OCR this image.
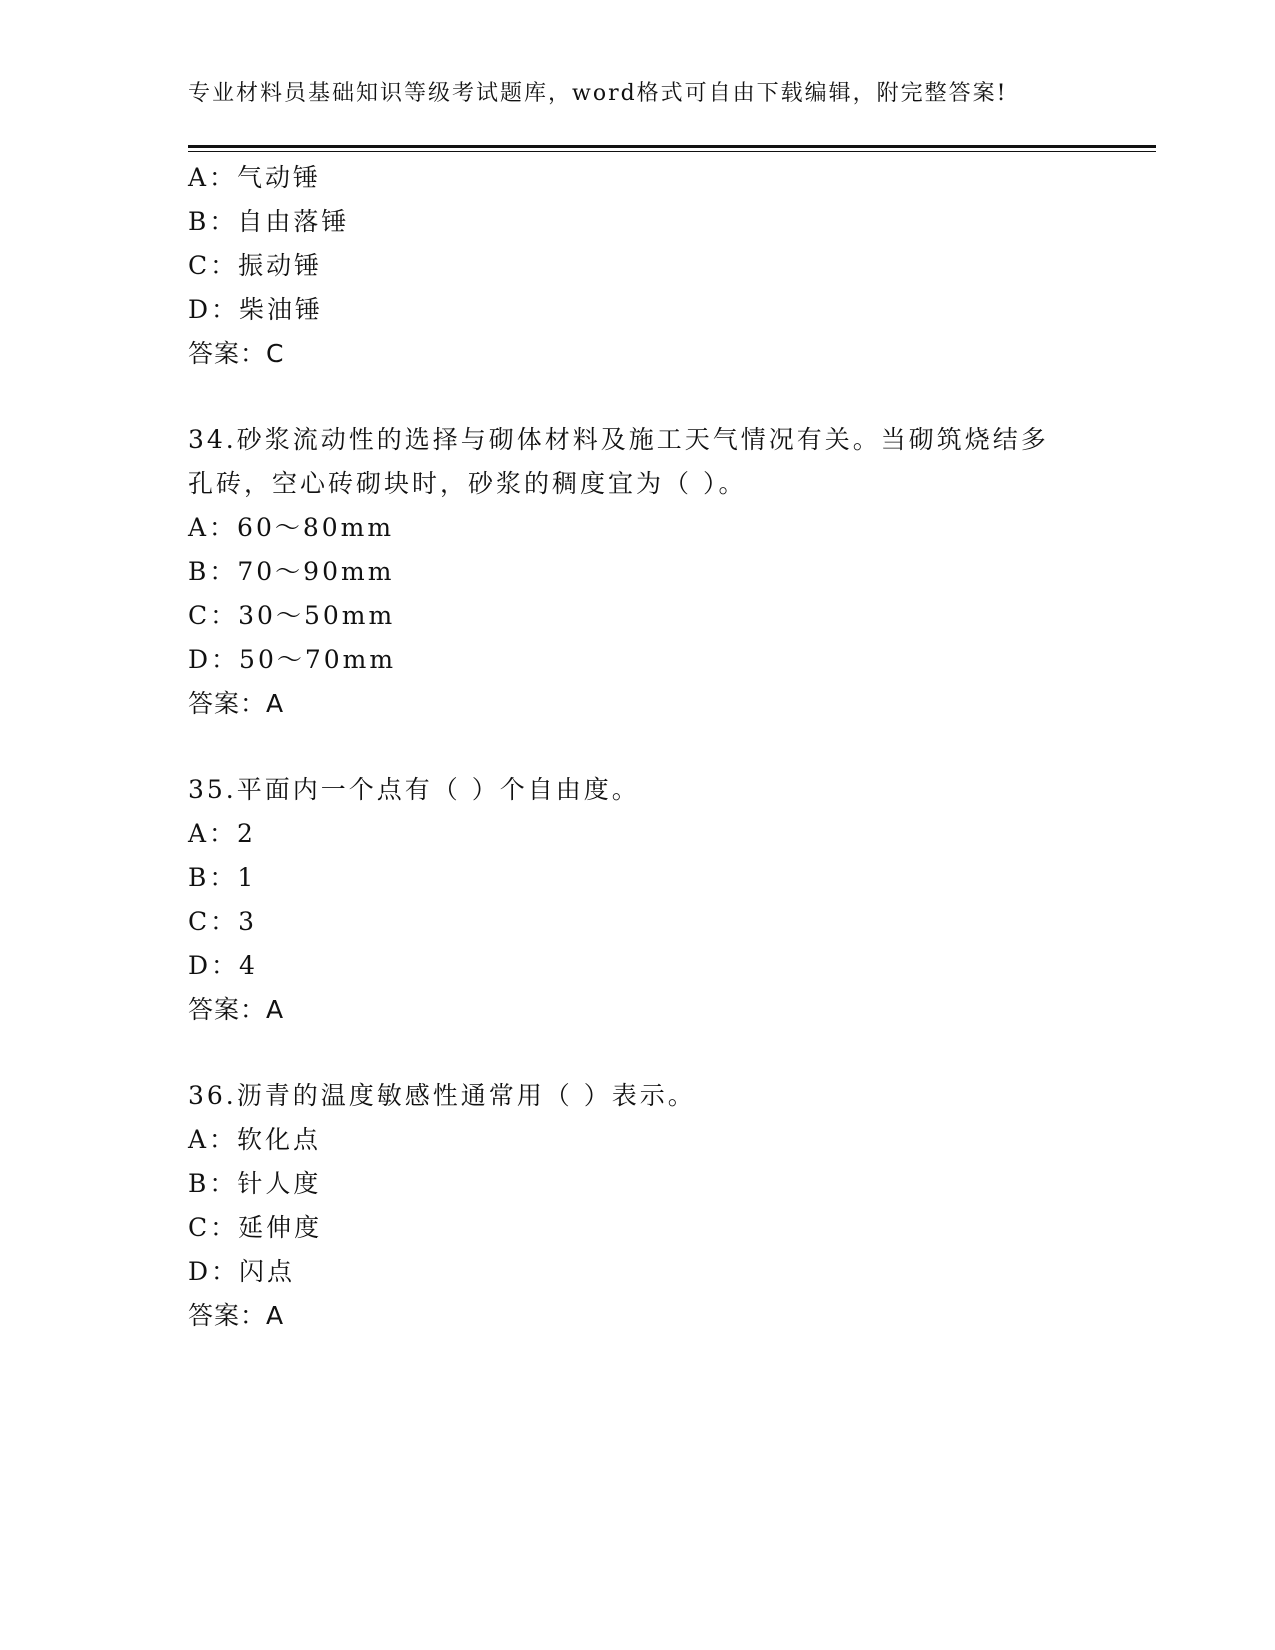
专业材料员基础知识等级考试题库，word格式可自由下载编辑，附完整答案!
A：气动锤
B：自由落锤
C：振动锤
D：柴油锤
答案：C
34.砂浆流动性的选择与砌体材料及施工天气情况有关。当砌筑烧结多
孔砖，空心砖砌块时，砂浆的稠度宜为（ ）。
A：60～80mm
B：70～90mm
C：30～50mm
D：50～70mm
答案：A
35.平面内一个点有（ ）个自由度。
A：2
B：1
C：3
D：4
答案：A
36.沥青的温度敏感性通常用（ ）表示。
A：软化点
B：针人度
C：延伸度
D：闪点
答案：A
